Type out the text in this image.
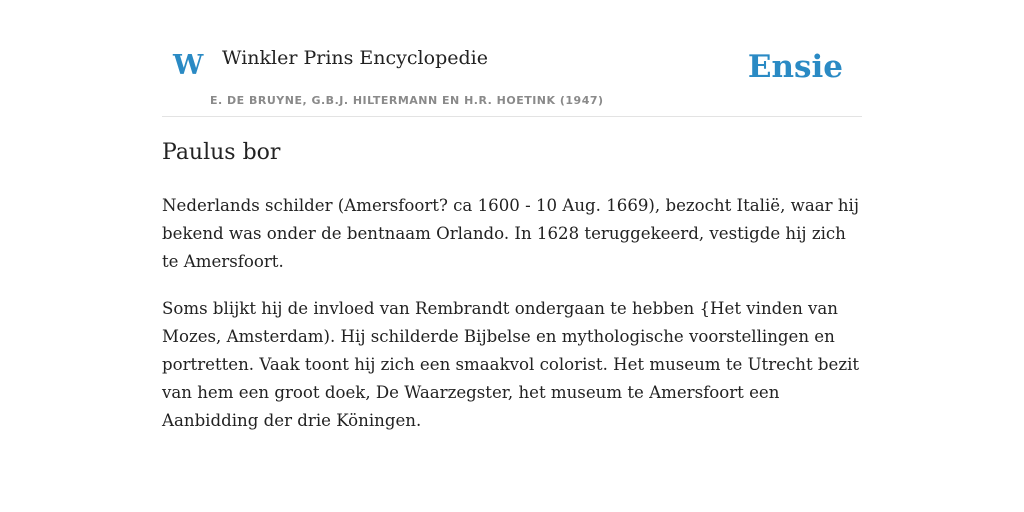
W Winkler Prins Encyclopedie
E. DE BRUYNE, G.B.J. HILTERMANN EN H.R. HOETINK (1947)
Ensie
Paulus bor

Nederlands schilder (Amersfoort? ca 1600 - 10 Aug. 1669), bezocht Italië, waar hij bekend was onder de bentnaam Orlando. In 1628 teruggekeerd, vestigde hij zich te Amersfoort.

Soms blijkt hij de invloed van Rembrandt ondergaan te hebben {Het vinden van Mozes, Amsterdam). Hij schilderde Bijbelse en mythologische voorstellingen en portretten. Vaak toont hij zich een smaakvol colorist. Het museum te Utrecht bezit van hem een groot doek, De Waarzegster, het museum te Amersfoort een Aanbidding der drie Köningen.
